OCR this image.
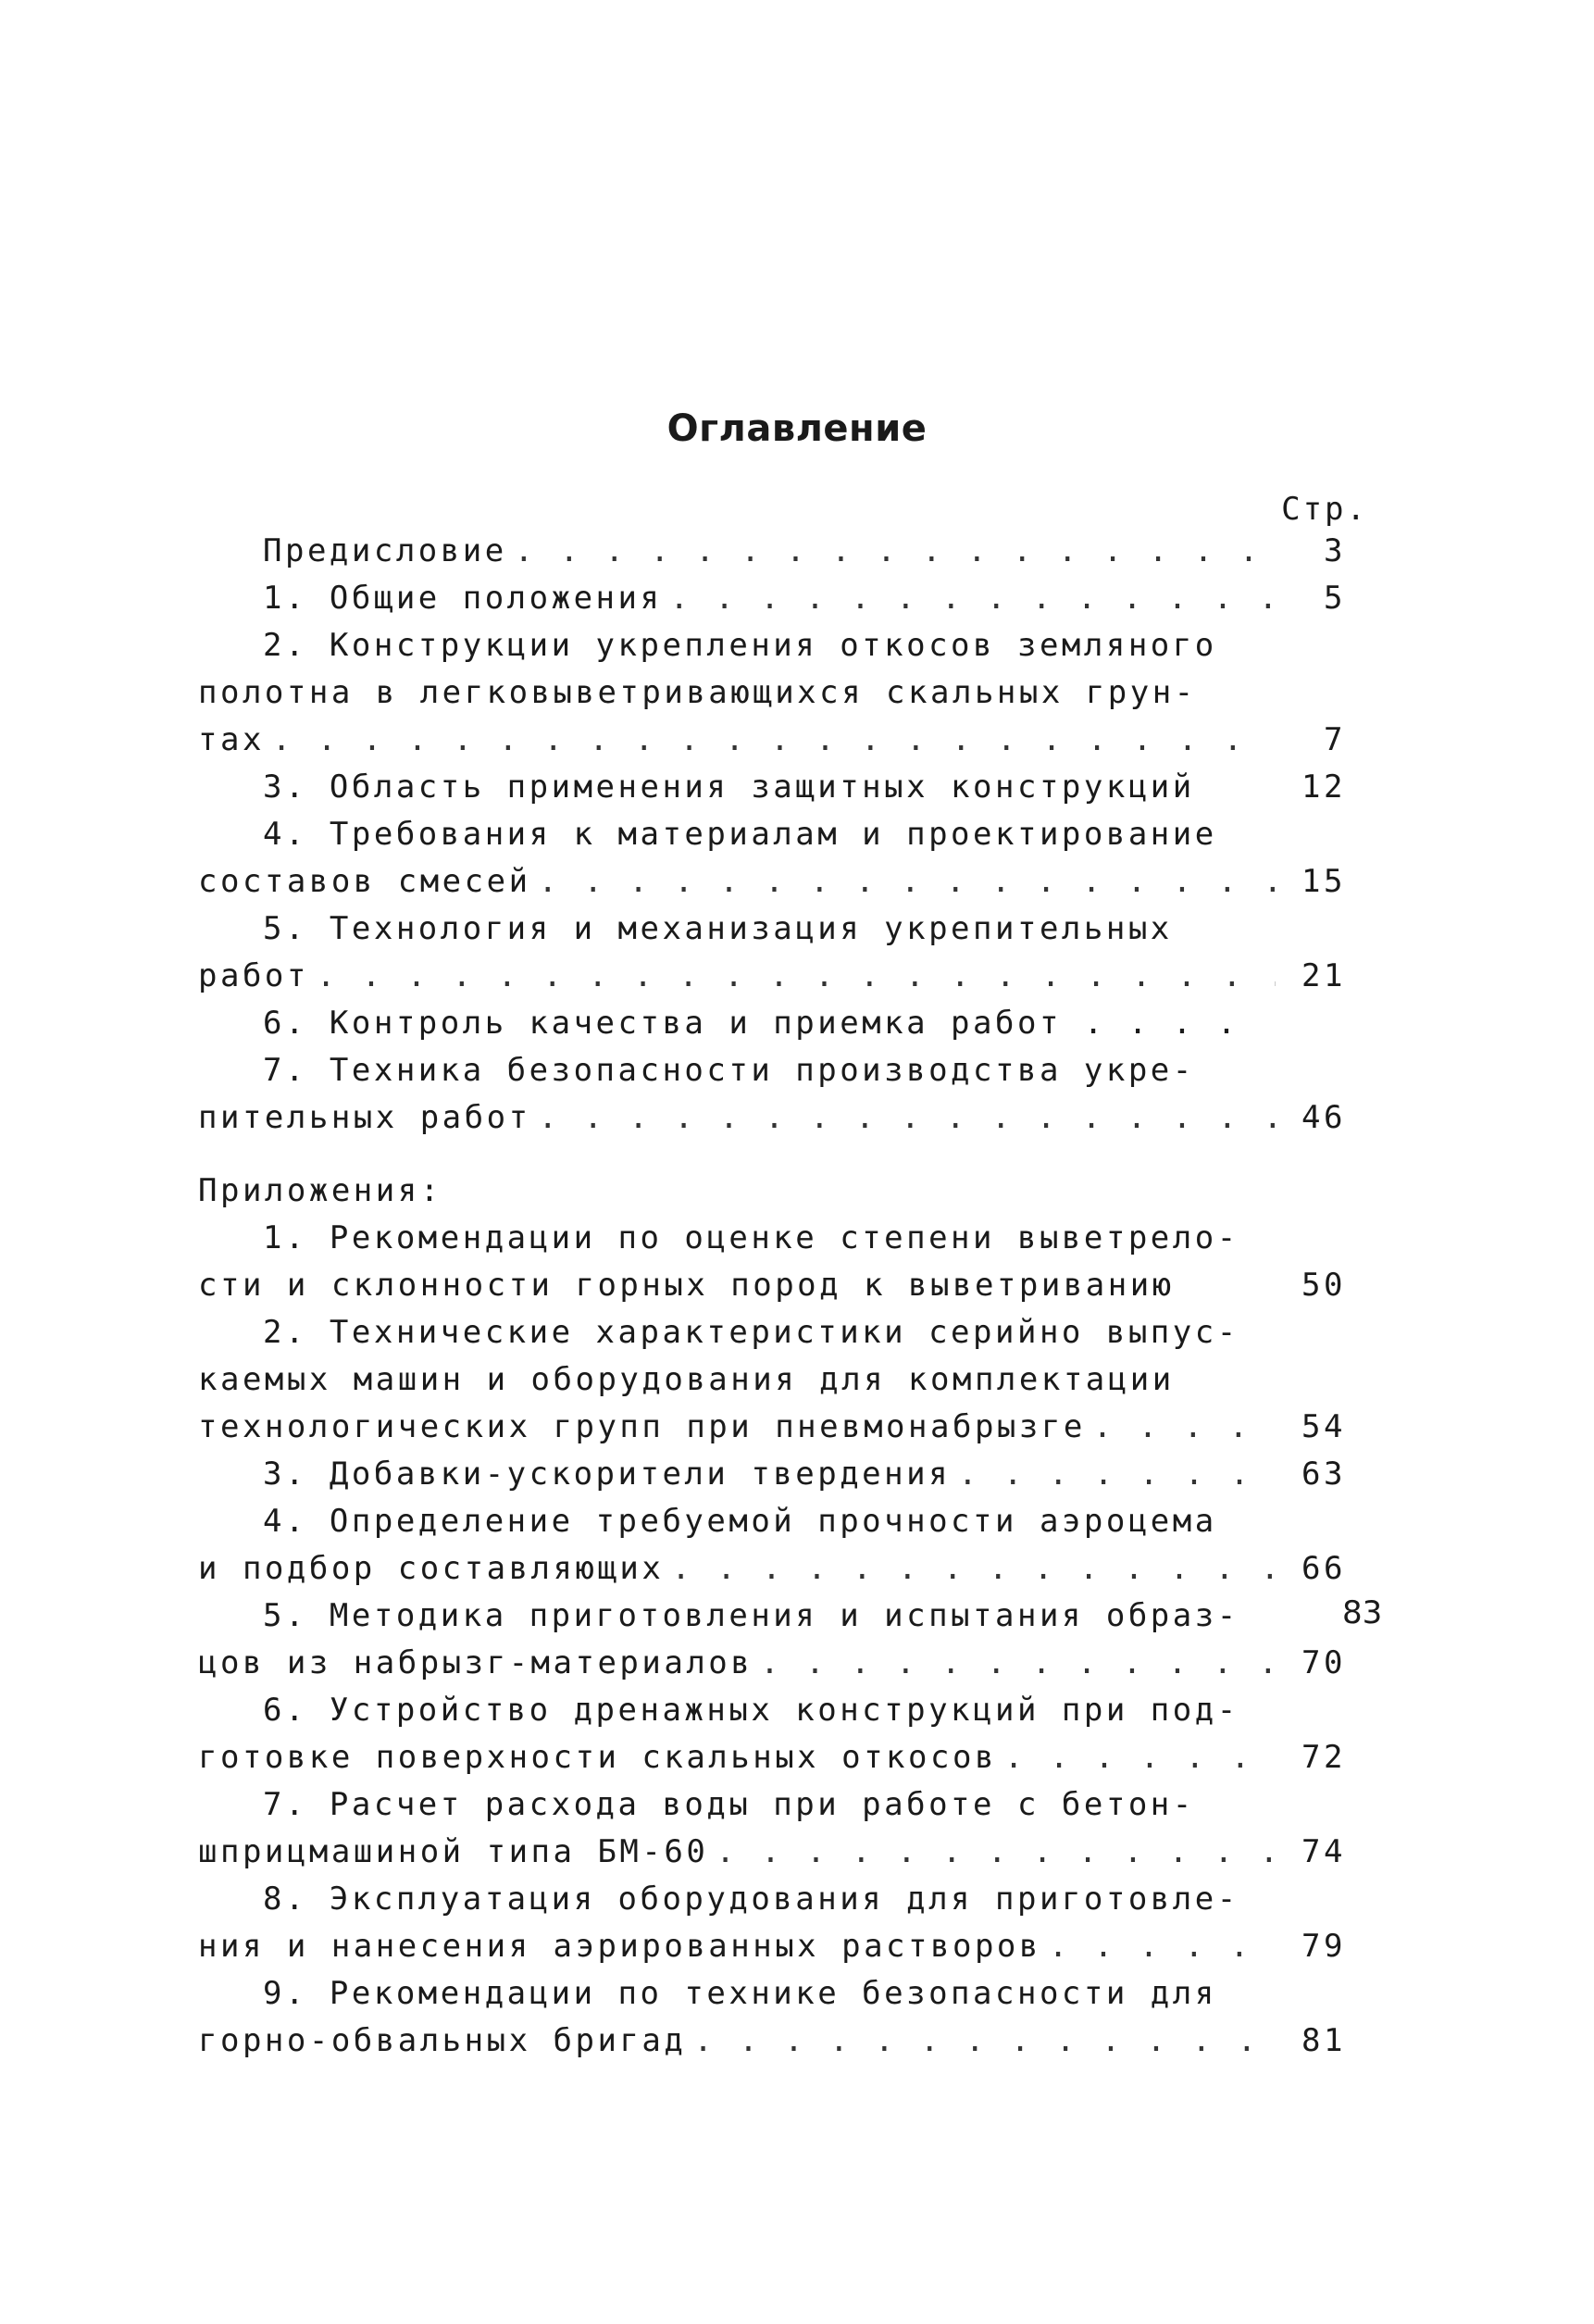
Оглавление
Стр.
Предисловие . . .	3
1. Общие положения . . .	5
2. Конструкции укрепления откосов земляного
полотна в легковыветривающихся скальных грун-
тах . . .	7
3. Область применения защитных конструкций	12
4. Требования к материалам и проектирование
составов смесей . . .	15
5. Технология и механизация укрепительных
работ . . .	21
6. Контроль качества и приемка работ . . . .
7. Техника безопасности производства укре-
пительных работ . . .	46
Приложения:
1. Рекомендации по оценке степени выветрело-
сти и склонности горных пород к выветриванию	50
2. Технические характеристики серийно выпус-
каемых машин и оборудования для комплектации
технологических групп при пневмонабрызге . . .	54
3. Добавки-ускорители твердения . . .	63
4. Определение требуемой прочности аэроцема
и подбор составляющих . . .	66
5. Методика приготовления и испытания образ-
цов из набрызг-материалов . . .	70
6. Устройство дренажных конструкций при под-
готовке поверхности скальных откосов . . .	72
7. Расчет расхода воды при работе с бетон-
шприцмашиной типа БМ-60 . . .	74
8. Эксплуатация оборудования для приготовле-
ния и нанесения аэрированных растворов . . .	79
9. Рекомендации по технике безопасности для
горно-обвальных бригад . . .	81
83
